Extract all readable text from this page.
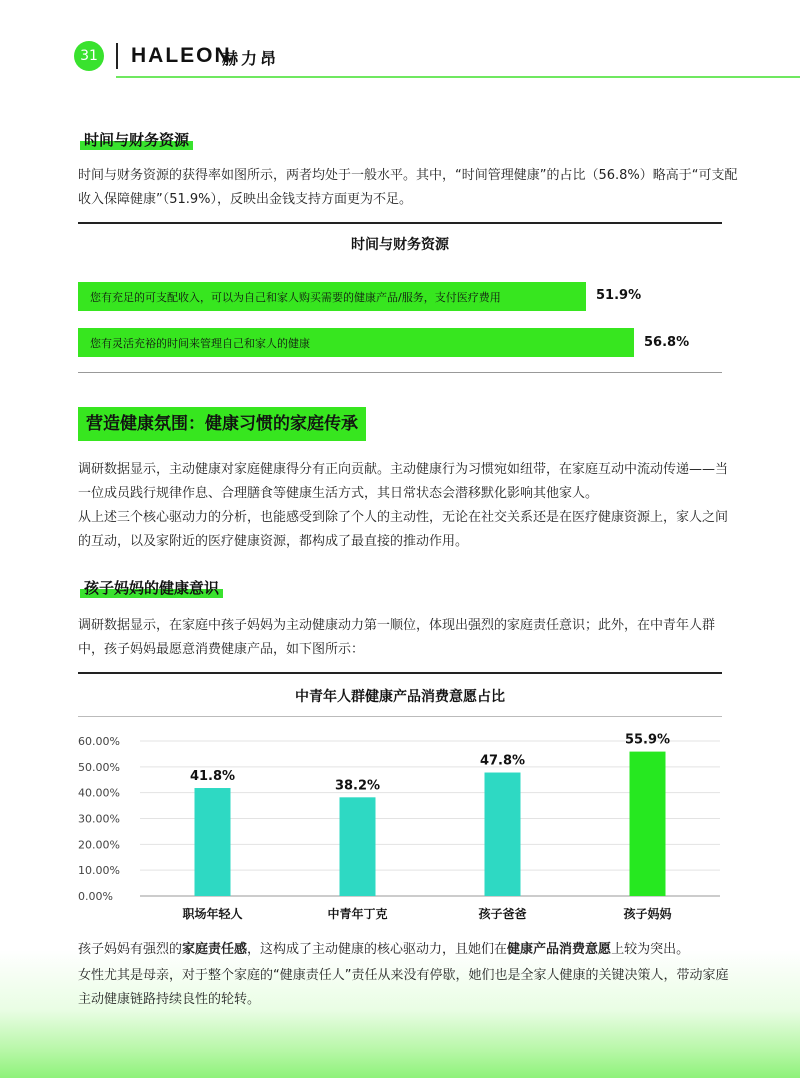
31 HALEON
赫力昂
时间与财务资源

时间与财务资源的获得率如图所示，两者均处于一般水平。其中，“时间管理健康”的占比（56.8%）略高于“可支配收入保障健康”（51.9%），反映出金钱支持方面更为不足。

时间与财务资源
您有充足的可支配收入，可以为自己和家人购买需要的健康产品/服务，支付医疗费用	51.9%
您有灵活充裕的时间来管理自己和家人的健康	56.8%
营造健康氛围：健康习惯的家庭传承

调研数据显示，主动健康对家庭健康得分有正向贡献。主动健康行为习惯宛如纽带，在家庭互动中流动传递——当一位成员践行规律作息、合理膳食等健康生活方式，其日常状态会潜移默化影响其他家人。

从上述三个核心驱动力的分析，也能感受到除了个人的主动性，无论在社交关系还是在医疗健康资源上，家人之间的互动，以及家附近的医疗健康资源，都构成了最直接的推动作用。

孩子妈妈的健康意识

调研数据显示，在家庭中孩子妈妈为主动健康动力第一顺位，体现出强烈的家庭责任意识；此外，在中青年人群中，孩子妈妈最愿意消费健康产品，如下图所示：

中青年人群健康产品消费意愿占比
0.00%
10.00%
20.00%
30.00%
40.00%
50.00%
60.00%
41.8%
38.2%
47.8%
55.9%
职场年轻人	中青年丁克	孩子爸爸	孩子妈妈

孩子妈妈有强烈的家庭责任感，这构成了主动健康的核心驱动力，且她们在健康产品消费意愿上较为突出。

女性尤其是母亲，对于整个家庭的“健康责任人”责任从来没有停歇，她们也是全家人健康的关键决策人，带动家庭主动健康链路持续良性的轮转。
